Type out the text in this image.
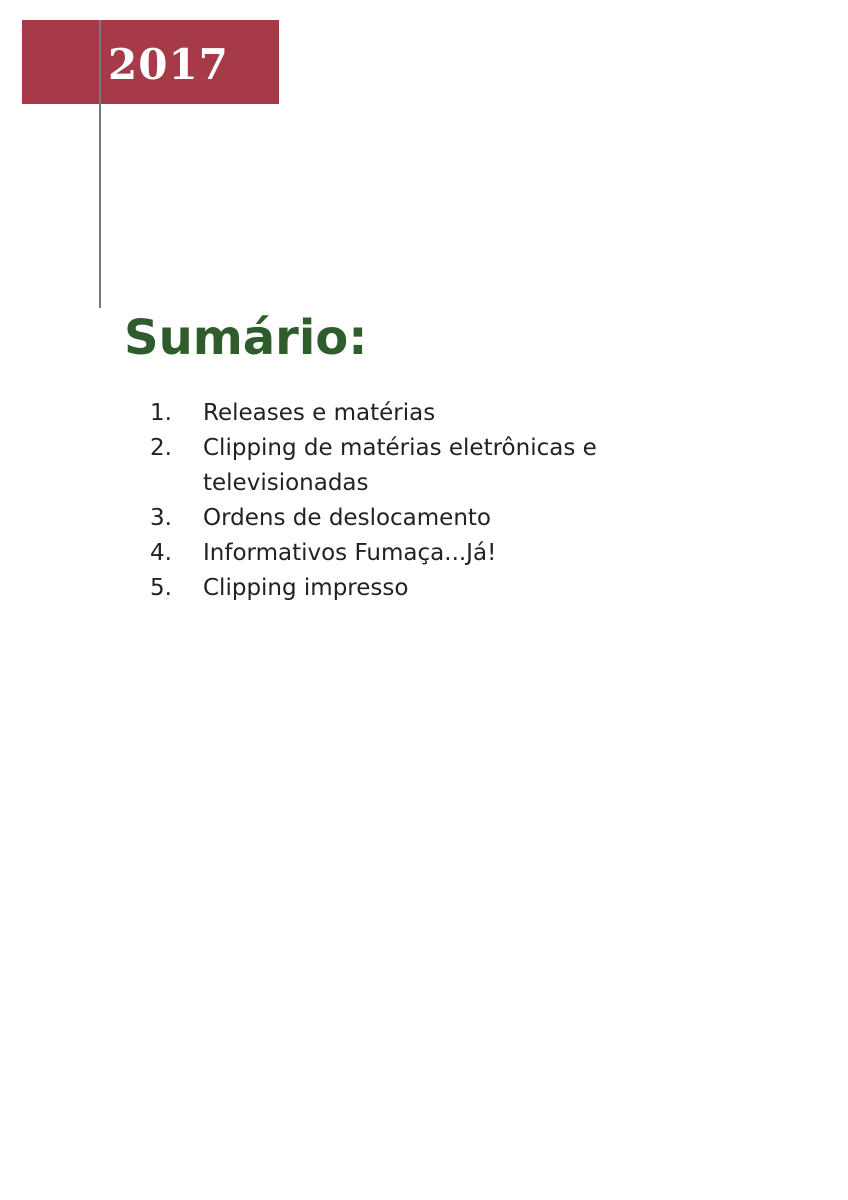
2017
Sumário:
1. Releases e matérias
2. Clipping de matérias eletrônicas e televisionadas
3. Ordens de deslocamento
4. Informativos Fumaça...Já!
5. Clipping impresso
